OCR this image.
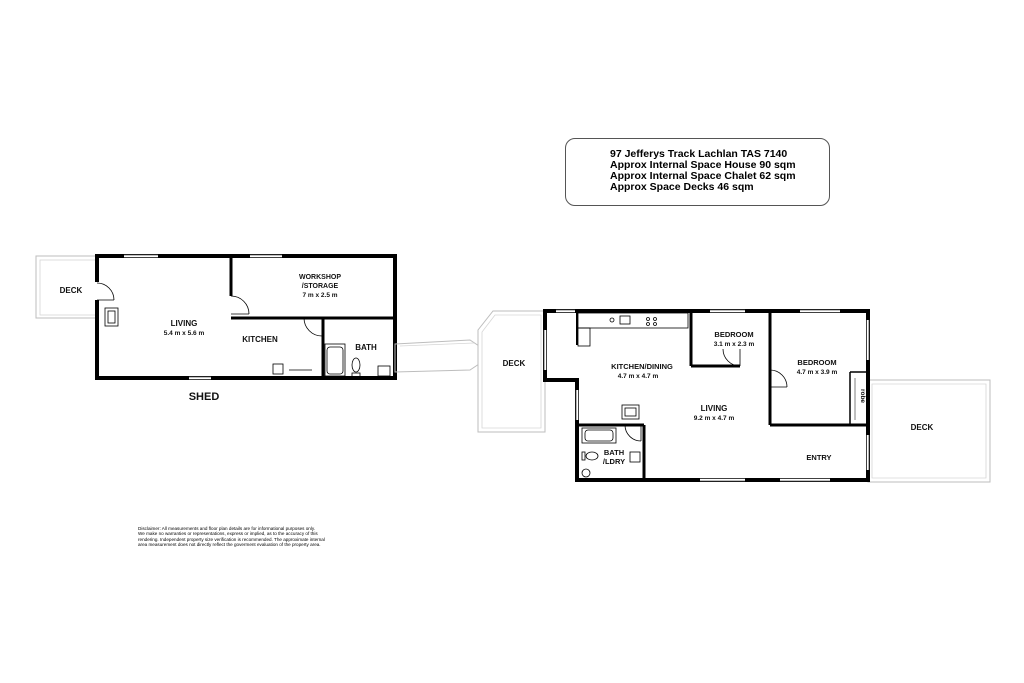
DECK
LIVING
5.4 m x 5.6 m
WORKSHOP
/STORAGE
7 m x 2.5 m
KITCHEN
BATH
SHED
DECK
DECK
KITCHEN/DINING
4.7 m x 4.7 m
BEDROOM
3.1 m x 2.3 m
BEDROOM
4.7 m x 3.9 m
robe
LIVING
9.2 m x 4.7 m
BATH
/LDRY	ENTRY
97 Jefferys Track Lachlan TAS 7140
Approx Internal Space House 90 sqm
Approx Internal Space Chalet 62 sqm
Approx Space Decks 46 sqm
Disclaimer: All measurements and floor plan details are for informational purposes only.
We make no warranties or representations, express or implied, as to the accuracy of this
rendering. Independent property size verification is recommended. The approximate internal
area measurement does not directly reflect the goverment evaluation of the property area.
